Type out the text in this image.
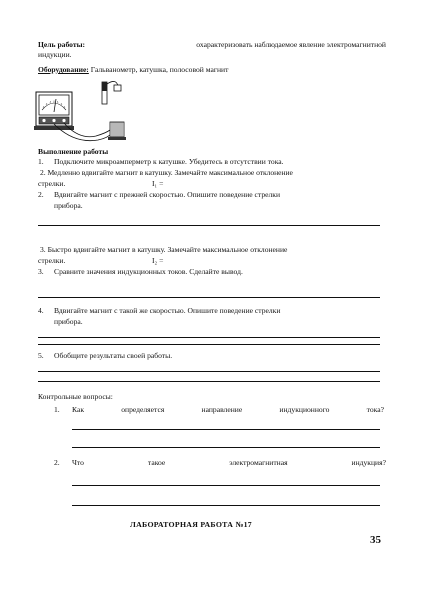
Цель работы:	охарактеризовать наблюдаемое явление электромагнитной
индукции.
Оборудование: Гальванометр, катушка, полосовой магнит
Выполнение работы
1. Подключите микроамперметр к катушке. Убедитесь в отсутствии тока.
2. Медленно вдвигайте магнит в катушку. Замечайте максимальное отклонение
стрелки.	I₁ =
2. Вдвигайте магнит с прежней скоростью. Опишите поведение стрелки
прибора.
3. Быстро вдвигайте магнит в катушку. Замечайте максимальное отклонение
стрелки.	I₂ =
3. Сравните значения индукционных токов. Сделайте вывод.
4. Вдвигайте магнит с такой же скоростью. Опишите поведение стрелки
прибора.
5. Обобщите результаты своей работы.
Контрольные вопросы:
1. Как	определяется	направление	индукционного	тока?
2. Что	такое	электромагнитная	индукция?
ЛАБОРАТОРНАЯ РАБОТА №17
35
